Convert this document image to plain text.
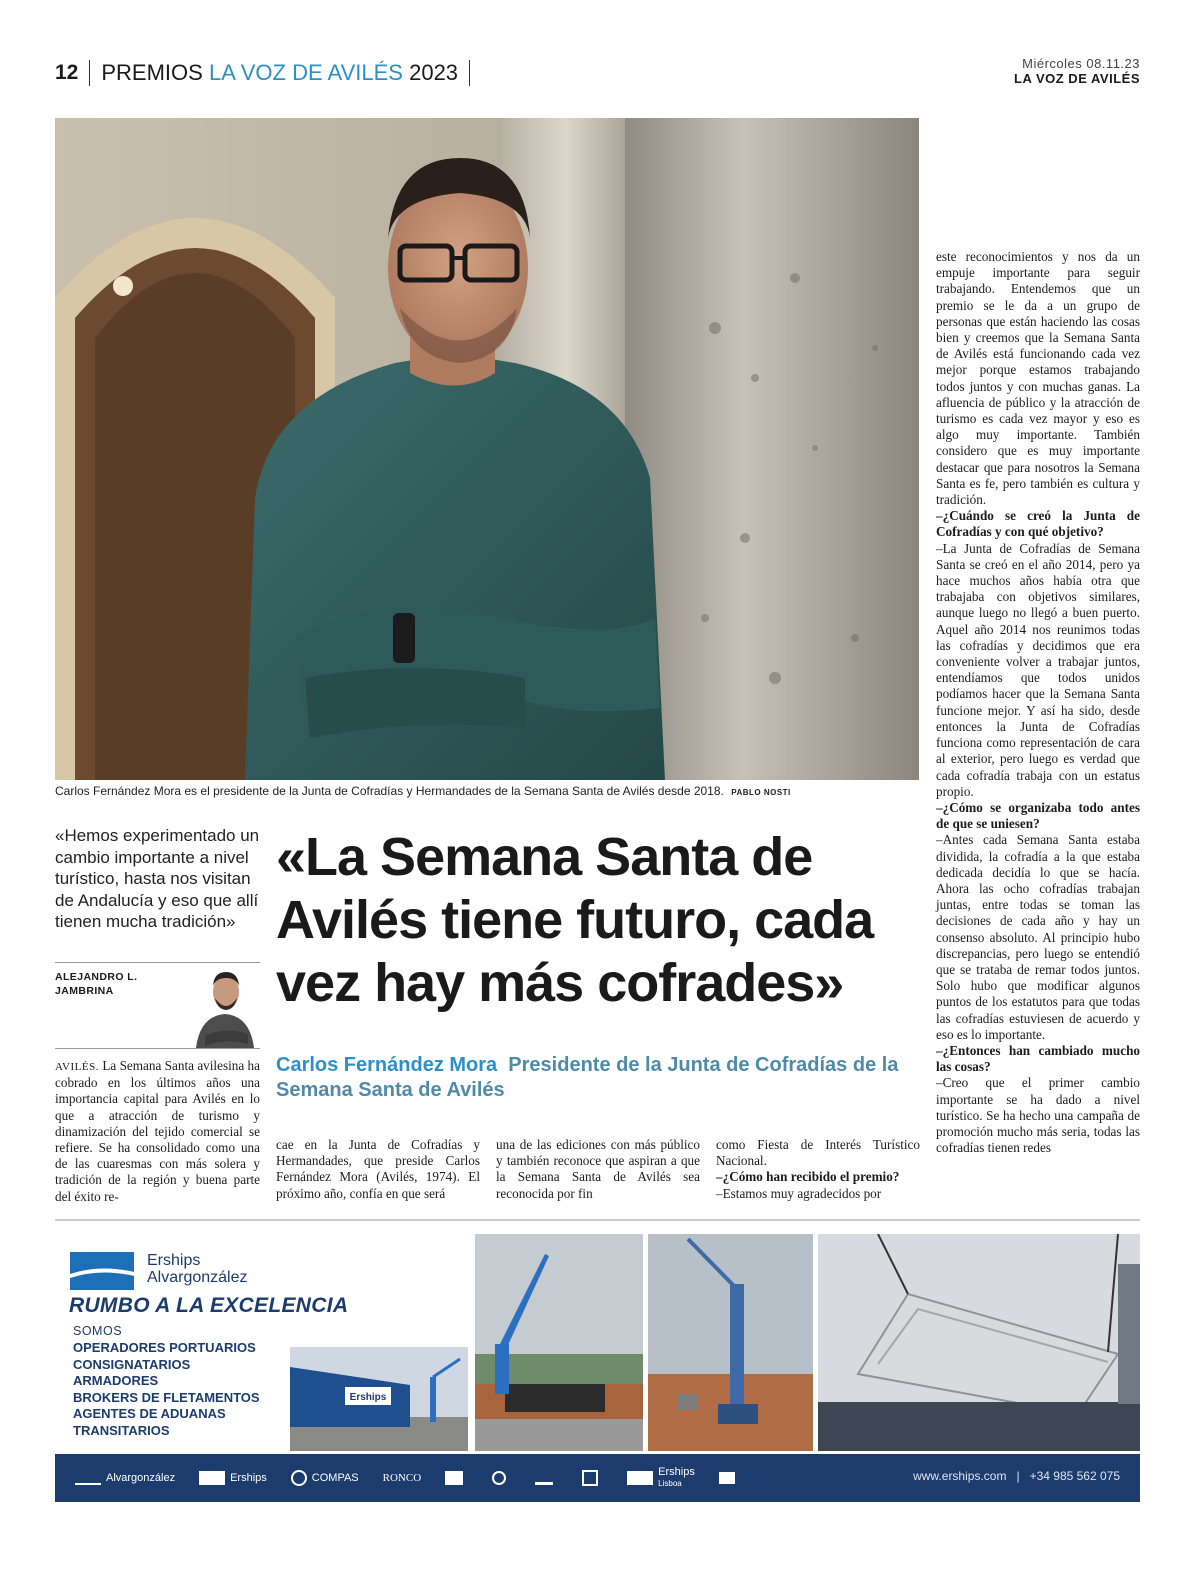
12 PREMIOS
LA VOZ DE AVILÉS
2023	Miércoles 08.11.23
LA VOZ DE AVILÉS
Carlos Fernández Mora es el presidente de la Junta de Cofradías y Hermandades de la Semana Santa de Avilés desde 2018. PABLO NOSTI
«Hemos experimentado un cambio importante a nivel turístico, hasta nos visitan de Andalucía y eso que allí tienen mucha tradición»
ALEJANDRO L.
JAMBRINA
«La Semana Santa de Avilés tiene futuro, cada vez hay más cofrades»
Carlos Fernández Mora Presidente de la Junta de Cofradías de la Semana Santa de Avilés

AVILÉS. La Semana Santa avilesina ha cobrado en los últimos años una importancia capital para Avilés en lo que a atracción de turismo y dinamización del tejido comercial se refiere. Se ha consolidado como una de las cuaresmas con más solera y tradición de la región y buena parte del éxito re-

cae en la Junta de Cofradías y Hermandades, que preside Carlos Fernández Mora (Avilés, 1974). El próximo año, confía en que será

una de las ediciones con más público y también reconoce que aspiran a que la Semana Santa de Avilés sea reconocida por fin

como Fiesta de Interés Turístico Nacional.

–¿Cómo han recibido el premio?

–Estamos muy agradecidos por

este reconocimientos y nos da un empuje importante para seguir trabajando. Entendemos que un premio se le da a un grupo de personas que están haciendo las cosas bien y creemos que la Semana Santa de Avilés está funcionando cada vez mejor porque estamos trabajando todos juntos y con muchas ganas. La afluencia de público y la atracción de turismo es cada vez mayor y eso es algo muy importante. También considero que es muy importante destacar que para nosotros la Semana Santa es fe, pero también es cultura y tradición.

–¿Cuándo se creó la Junta de Cofradías y con qué objetivo?

–La Junta de Cofradías de Semana Santa se creó en el año 2014, pero ya hace muchos años había otra que trabajaba con objetivos similares, aunque luego no llegó a buen puerto. Aquel año 2014 nos reunimos todas las cofradías y decidimos que era conveniente volver a trabajar juntos, entendíamos que todos unidos podíamos hacer que la Semana Santa funcione mejor. Y así ha sido, desde entonces la Junta de Cofradías funciona como representación de cara al exterior, pero luego es verdad que cada cofradía trabaja con un estatus propio.

–¿Cómo se organizaba todo antes de que se uniesen?

–Antes cada Semana Santa estaba dividida, la cofradía a la que estaba dedicada decidía lo que se hacía. Ahora las ocho cofradías trabajan juntas, entre todas se toman las decisiones de cada año y hay un consenso absoluto. Al principio hubo discrepancias, pero luego se entendió que se trataba de remar todos juntos. Solo hubo que modificar algunos puntos de los estatutos para que todas las cofradías estuviesen de acuerdo y eso es lo importante.

–¿Entonces han cambiado mucho las cosas?

–Creo que el primer cambio importante se ha dado a nivel turístico. Se ha hecho una campaña de promoción mucho más seria, todas las cofradías tienen redes

Erships
Alvargonzález
RUMBO A LA EXCELENCIA
SOMOS
OPERADORES PORTUARIOS
CONSIGNATARIOS
ARMADORES
BROKERS DE FLETAMENTOS
AGENTES DE ADUANAS
TRANSITARIOS
Erships
Alvargonzález	Erships	COMPAS RONCO	Erships
Lisboa
www.erships.com   |   +34 985 562 075
